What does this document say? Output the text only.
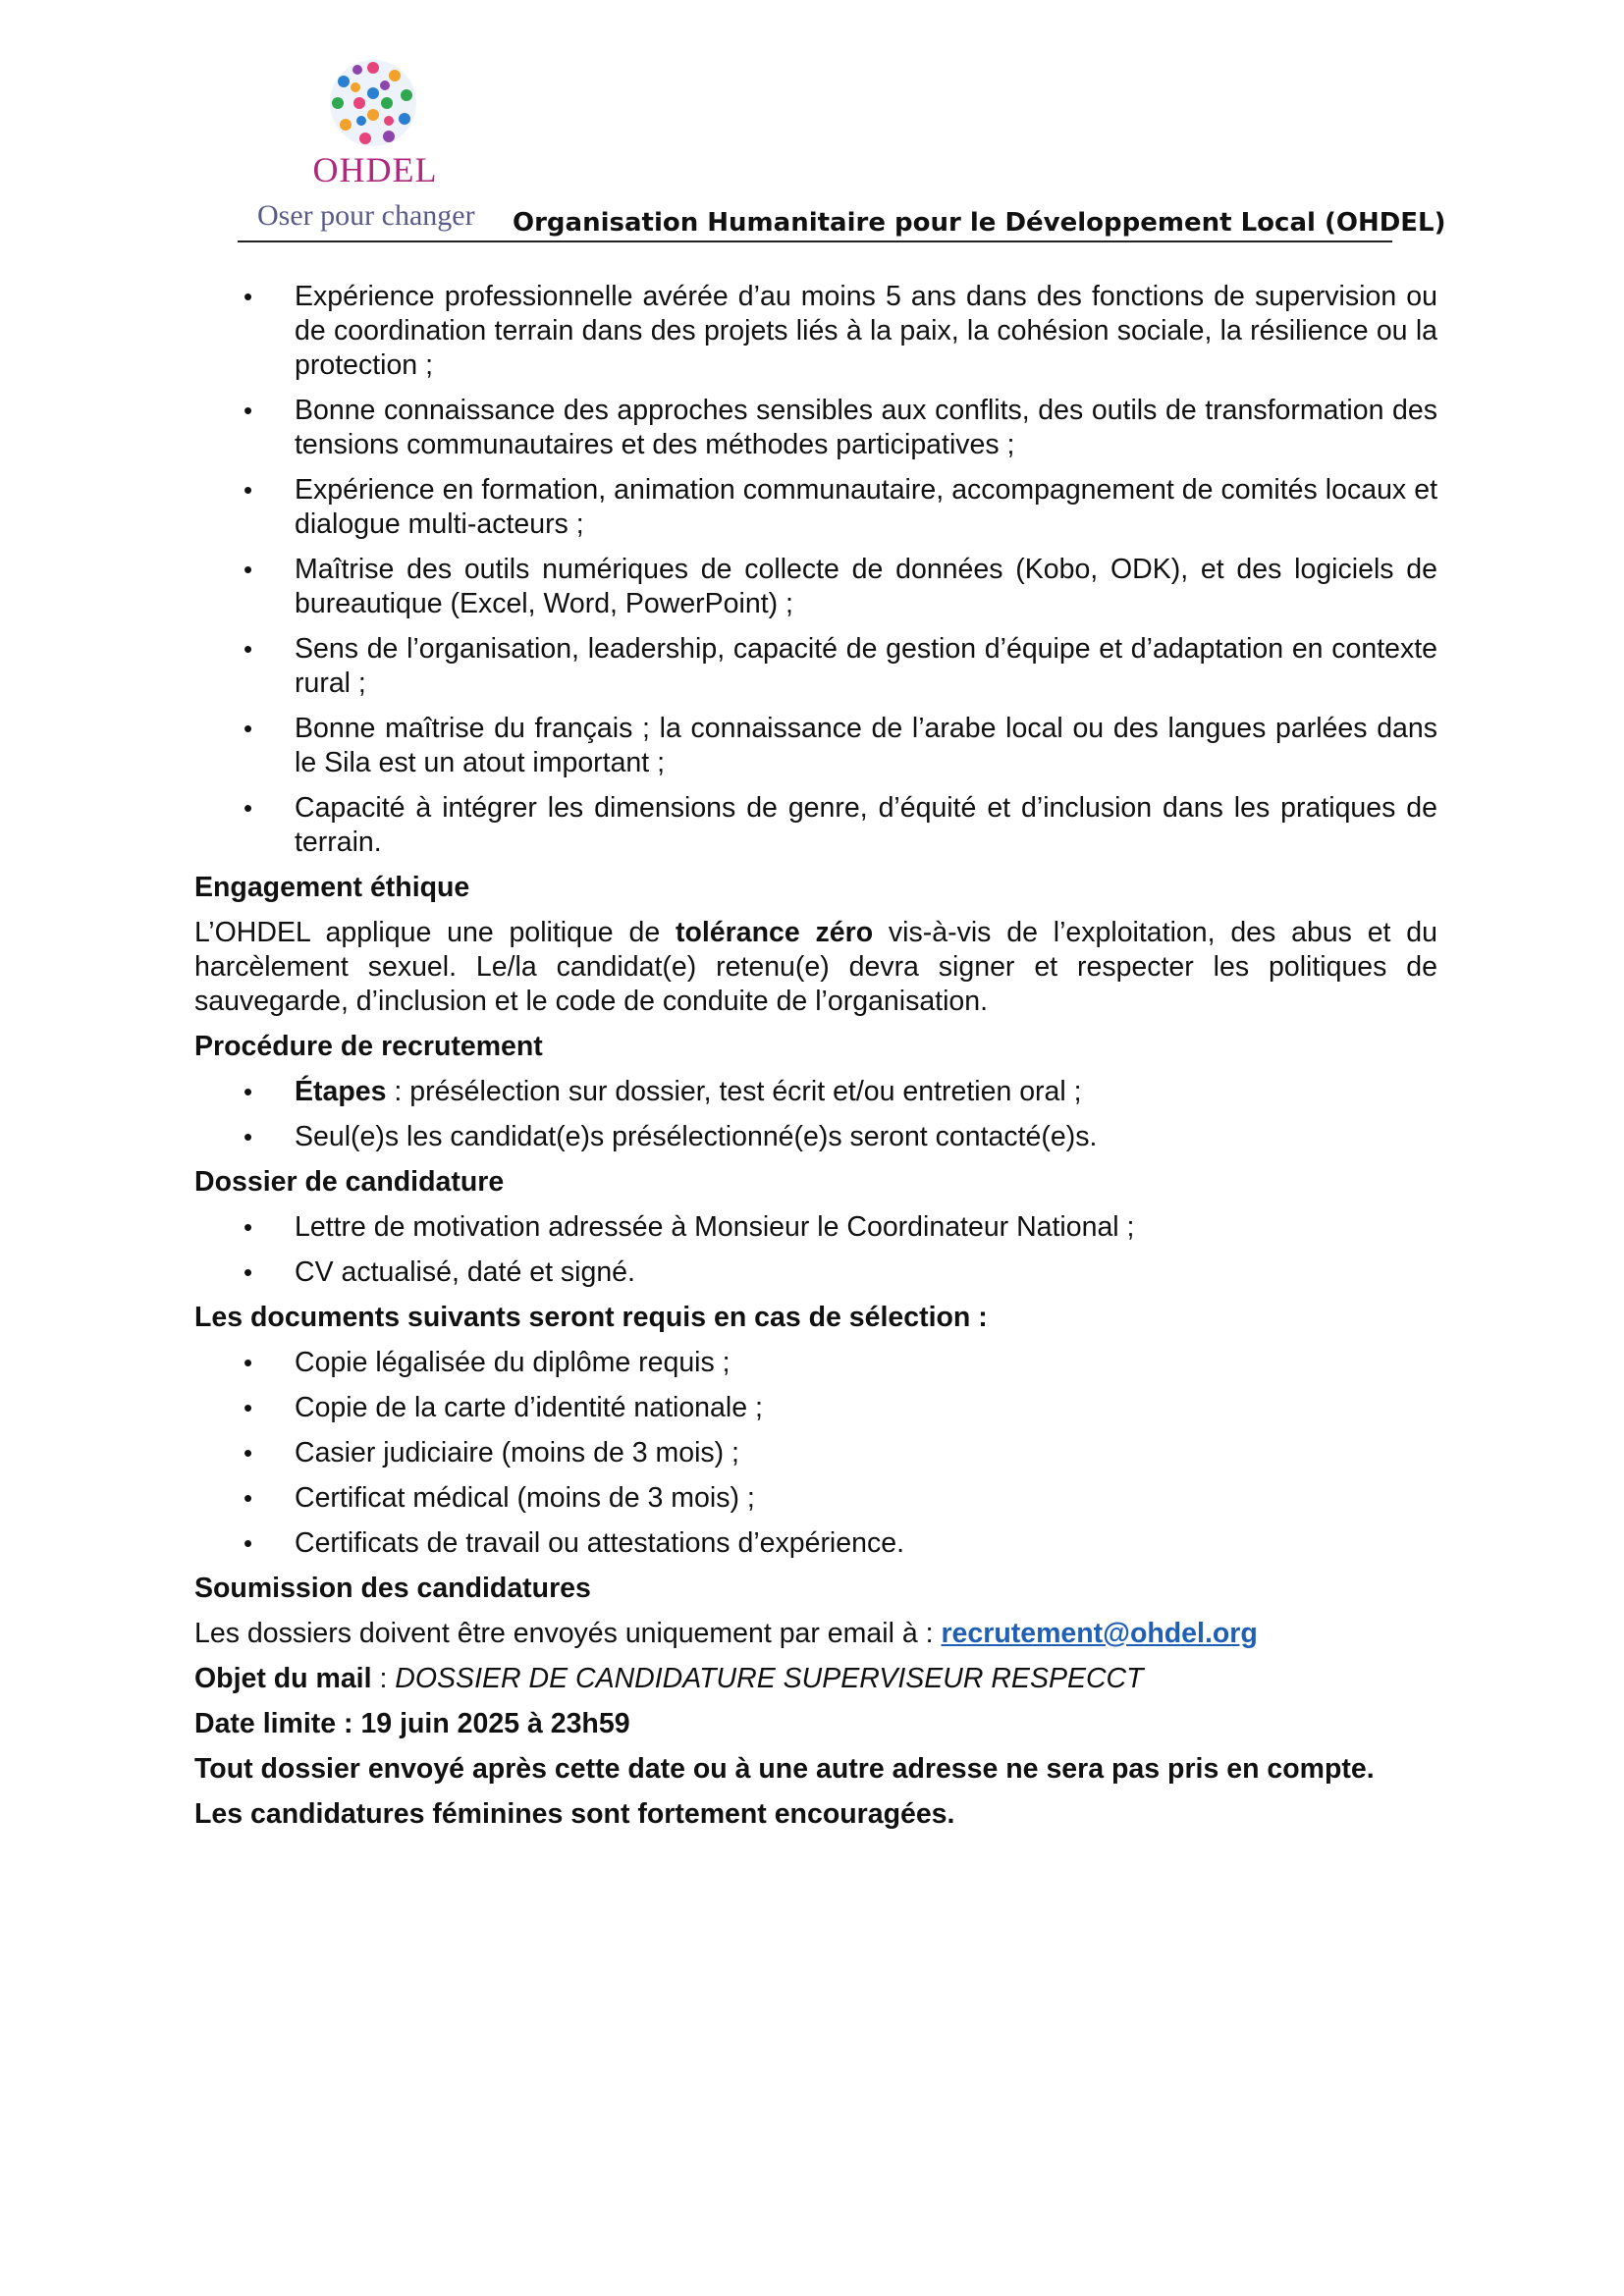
OHDEL
Oser pour changer Organisation Humanitaire pour le Développement Local (OHDEL)
• Expérience professionnelle avérée d’au moins 5 ans dans des fonctions de supervision ou de coordination terrain dans des projets liés à la paix, la cohésion sociale, la résilience ou la protection ;
• Bonne connaissance des approches sensibles aux conflits, des outils de transformation des tensions communautaires et des méthodes participatives ;
• Expérience en formation, animation communautaire, accompagnement de comités locaux et dialogue multi-acteurs ;
• Maîtrise des outils numériques de collecte de données (Kobo, ODK), et des logiciels de bureautique (Excel, Word, PowerPoint) ;
• Sens de l’organisation, leadership, capacité de gestion d’équipe et d’adaptation en contexte rural ;
• Bonne maîtrise du français ; la connaissance de l’arabe local ou des langues parlées dans le Sila est un atout important ;
• Capacité à intégrer les dimensions de genre, d’équité et d’inclusion dans les pratiques de terrain.
Engagement éthique
L’OHDEL applique une politique de tolérance zéro vis-à-vis de l’exploitation, des abus et du harcèlement sexuel. Le/la candidat(e) retenu(e) devra signer et respecter les politiques de sauvegarde, d’inclusion et le code de conduite de l’organisation.
Procédure de recrutement
• Étapes : présélection sur dossier, test écrit et/ou entretien oral ;
• Seul(e)s les candidat(e)s présélectionné(e)s seront contacté(e)s.
Dossier de candidature
• Lettre de motivation adressée à Monsieur le Coordinateur National ;
• CV actualisé, daté et signé.
Les documents suivants seront requis en cas de sélection :
• Copie légalisée du diplôme requis ;
• Copie de la carte d’identité nationale ;
• Casier judiciaire (moins de 3 mois) ;
• Certificat médical (moins de 3 mois) ;
• Certificats de travail ou attestations d’expérience.
Soumission des candidatures
Les dossiers doivent être envoyés uniquement par email à : recrutement@ohdel.org
Objet du mail : DOSSIER DE CANDIDATURE SUPERVISEUR RESPECCT
Date limite : 19 juin 2025 à 23h59
Tout dossier envoyé après cette date ou à une autre adresse ne sera pas pris en compte.
Les candidatures féminines sont fortement encouragées.
